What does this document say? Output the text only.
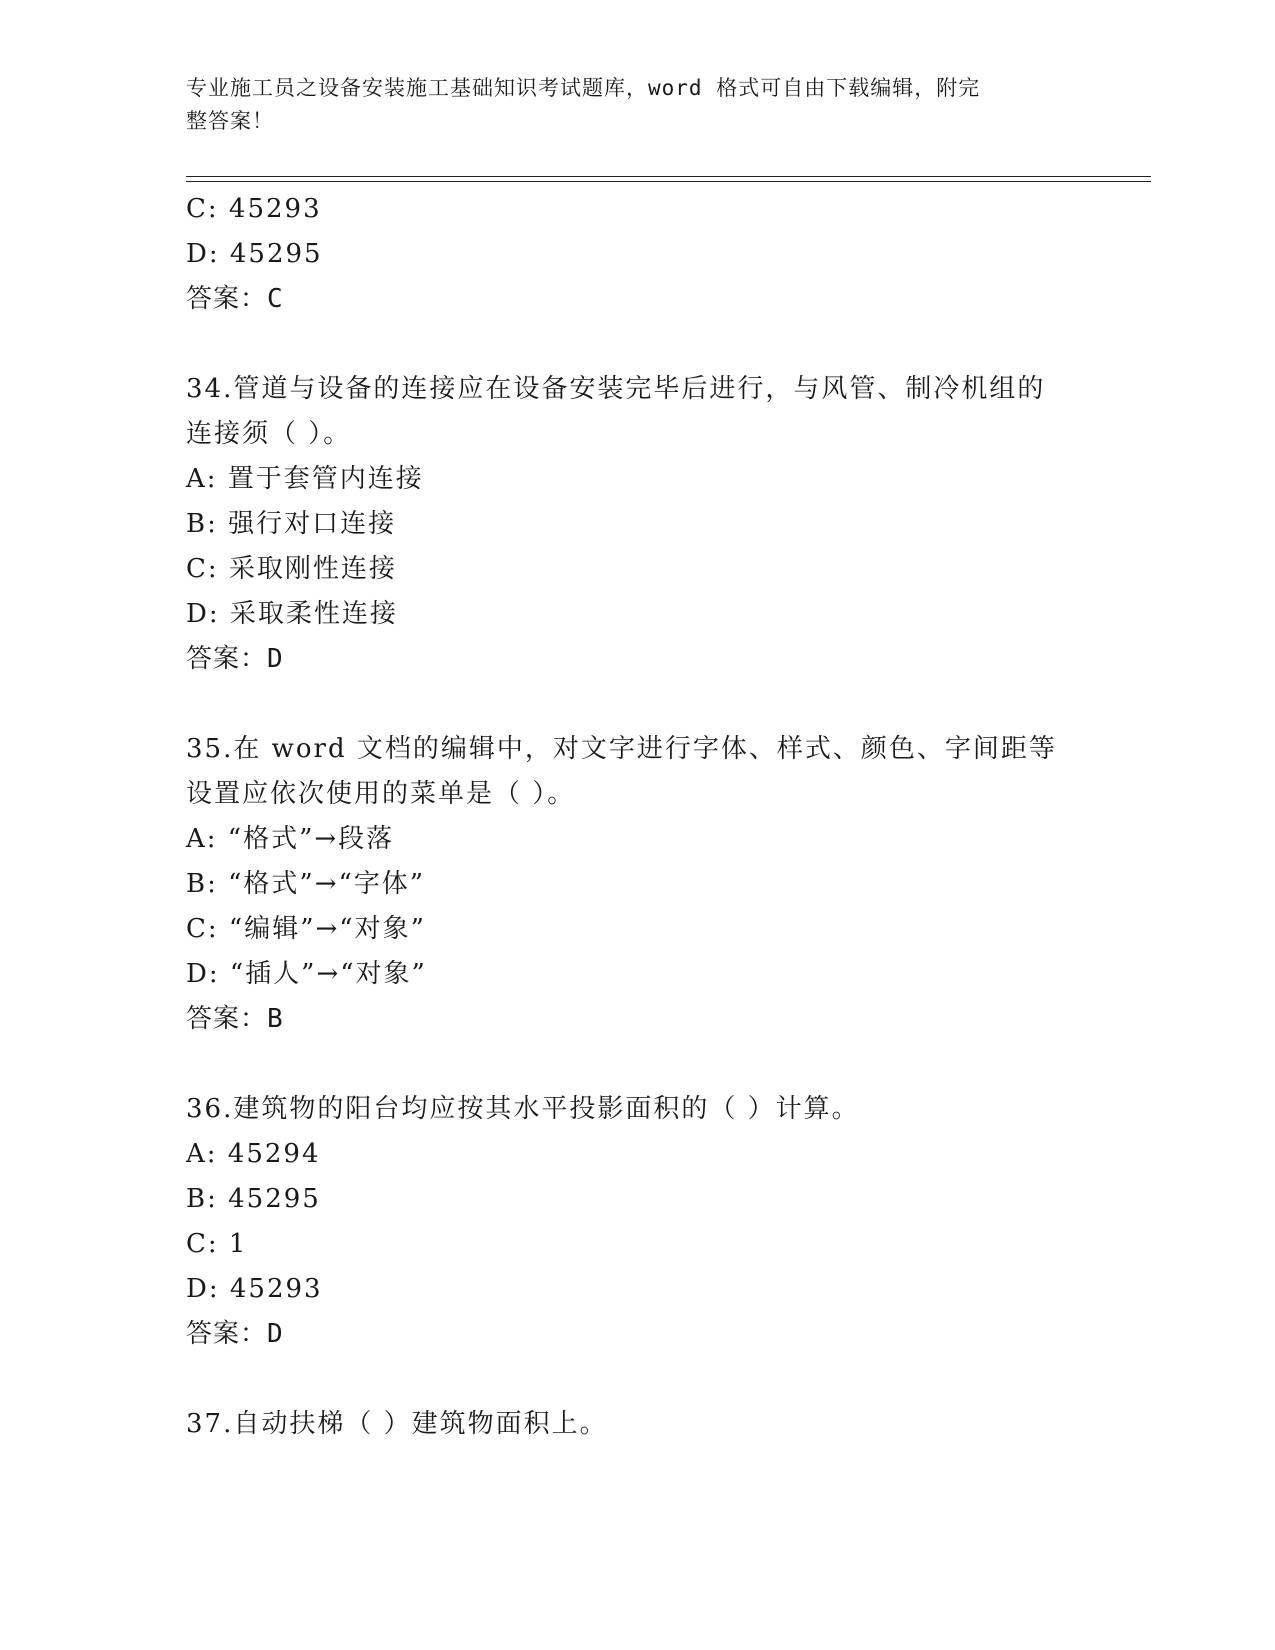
专业施工员之设备安装施工基础知识考试题库，word 格式可自由下载编辑，附完
整答案！
C: 45293
D: 45295
答案：C
34.管道与设备的连接应在设备安装完毕后进行，与风管、制冷机组的
连接须（ ）。
A: 置于套管内连接
B: 强行对口连接
C: 采取刚性连接
D: 采取柔性连接
答案：D
35.在 word 文档的编辑中，对文字进行字体、样式、颜色、字间距等
设置应依次使用的菜单是（ ）。
A: “格式”→段落
B: “格式”→“字体”
C: “编辑”→“对象”
D: “插人”→“对象”
答案：B
36.建筑物的阳台均应按其水平投影面积的（ ）计算。
A: 45294
B: 45295
C: 1
D: 45293
答案：D
37.自动扶梯（ ）建筑物面积上。
